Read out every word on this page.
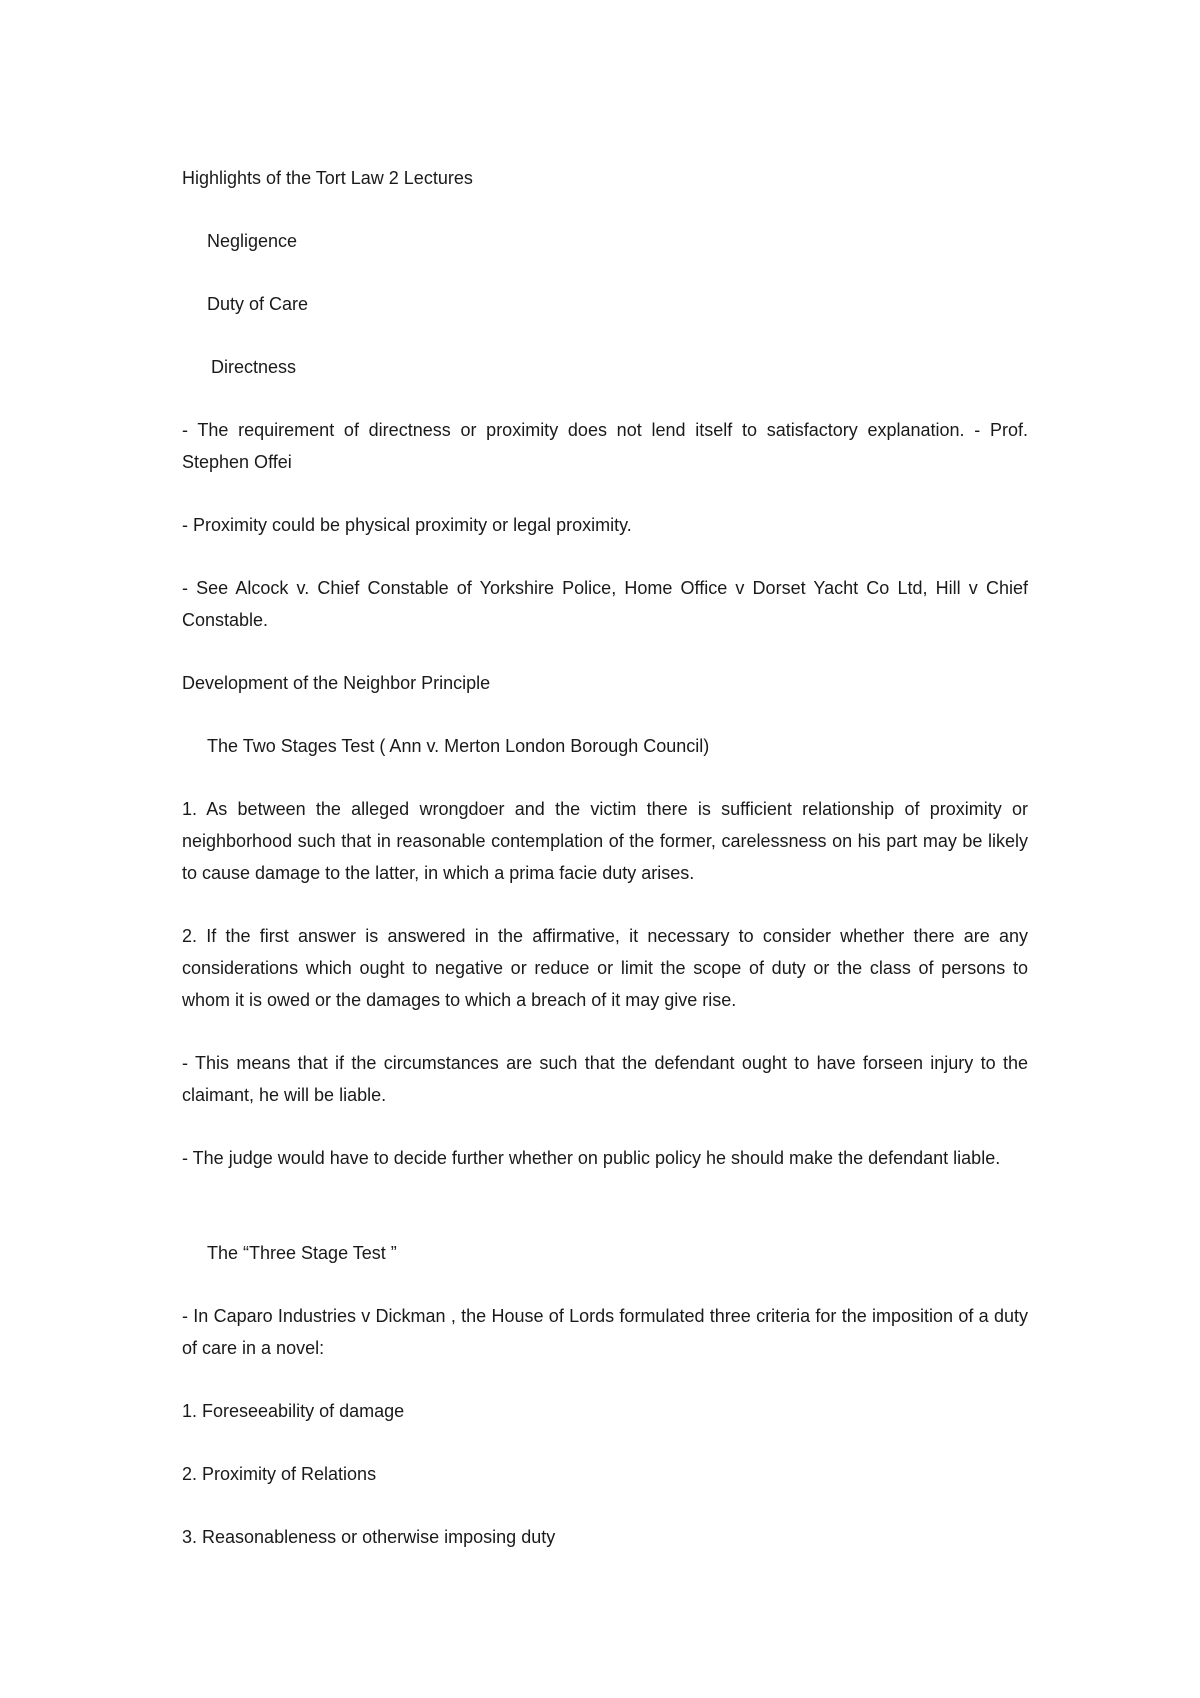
Highlights of the Tort Law 2 Lectures

Negligence

Duty of Care

Directness

- The requirement of directness or proximity does not lend itself to satisfactory explanation. - Prof. Stephen Offei

- Proximity could be physical proximity or legal proximity.

- See Alcock v. Chief Constable of Yorkshire Police, Home Office v Dorset Yacht Co Ltd, Hill v Chief Constable.

Development of the Neighbor Principle

The Two Stages Test ( Ann v. Merton London Borough Council)

1. As between the alleged wrongdoer and the victim there is sufficient relationship of proximity or neighborhood such that in reasonable contemplation of the former, carelessness on his part may be likely to cause damage to the latter, in which a prima facie duty arises.

2. If the first answer is answered in the affirmative, it necessary to consider whether there are any considerations which ought to negative or reduce or limit the scope of duty or the class of persons to whom it is owed or the damages to which a breach of it may give rise.

- This means that if the circumstances are such that the defendant ought to have forseen injury to the claimant, he will be liable.

- The judge would have to decide further whether on public policy he should make the defendant liable.

The “Three Stage Test ”

- In Caparo Industries v Dickman , the House of Lords formulated three criteria for the imposition of a duty of care in a novel:

1. Foreseeability of damage

2. Proximity of Relations

3. Reasonableness or otherwise imposing duty
